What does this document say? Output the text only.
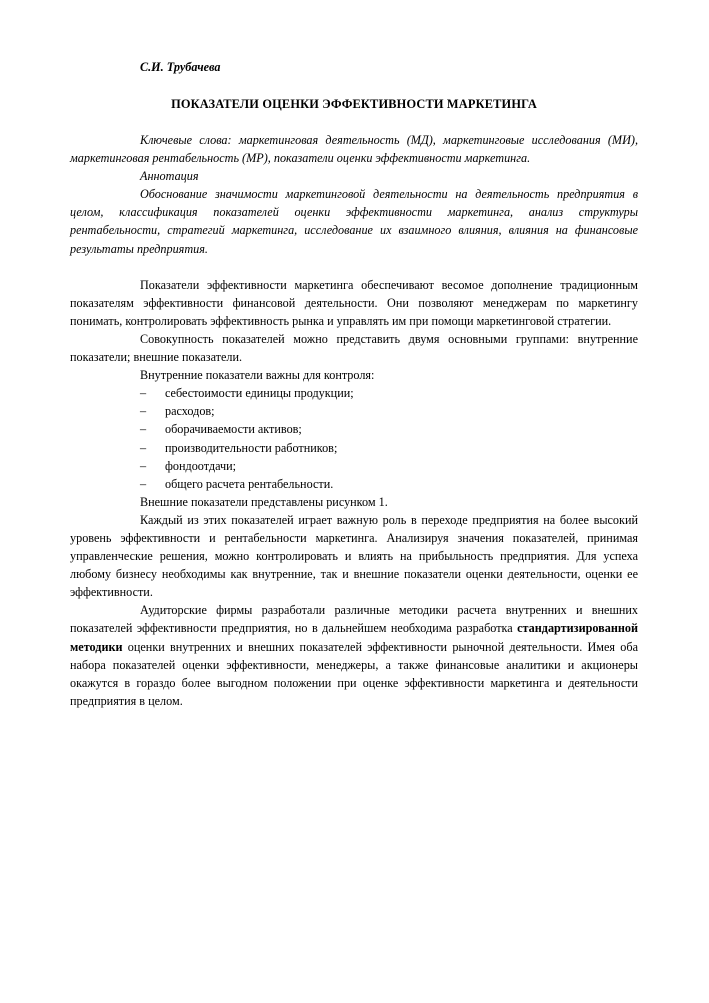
С.И. Трубачева
ПОКАЗАТЕЛИ ОЦЕНКИ ЭФФЕКТИВНОСТИ МАРКЕТИНГА

Ключевые слова: маркетинговая деятельность (МД), маркетинговые исследования (МИ), маркетинговая рентабельность (МР), показатели оценки эффективности маркетинга.

Аннотация

Обоснование значимости маркетинговой деятельности на деятельность предприятия в целом, классификация показателей оценки эффективности маркетинга, анализ структуры рентабельности, стратегий маркетинга, исследование их взаимного влияния, влияния на финансовые результаты предприятия.

Показатели эффективности маркетинга обеспечивают весомое дополнение традиционным показателям эффективности финансовой деятельности. Они позволяют менеджерам по маркетингу понимать, контролировать эффективность рынка и управлять им при помощи маркетинговой стратегии.

Совокупность показателей можно представить двумя основными группами: внутренние показатели; внешние показатели.

Внутренние показатели важны для контроля:

– себестоимости единицы продукции;
– расходов;
– оборачиваемости активов;
– производительности работников;
– фондоотдачи;
– общего расчета рентабельности.

Внешние показатели представлены рисунком 1.

Каждый из этих показателей играет важную роль в переходе предприятия на более высокий уровень эффективности и рентабельности маркетинга. Анализируя значения показателей, принимая управленческие решения, можно контролировать и влиять на прибыльность предприятия. Для успеха любому бизнесу необходимы как внутренние, так и внешние показатели оценки деятельности, оценки ее эффективности.

Аудиторские фирмы разработали различные методики расчета внутренних и внешних показателей эффективности предприятия, но в дальнейшем необходима разработка стандартизированной методики оценки внутренних и внешних показателей эффективности рыночной деятельности. Имея оба набора показателей оценки эффективности, менеджеры, а также финансовые аналитики и акционеры окажутся в гораздо более выгодном положении при оценке эффективности маркетинга и деятельности предприятия в целом.
